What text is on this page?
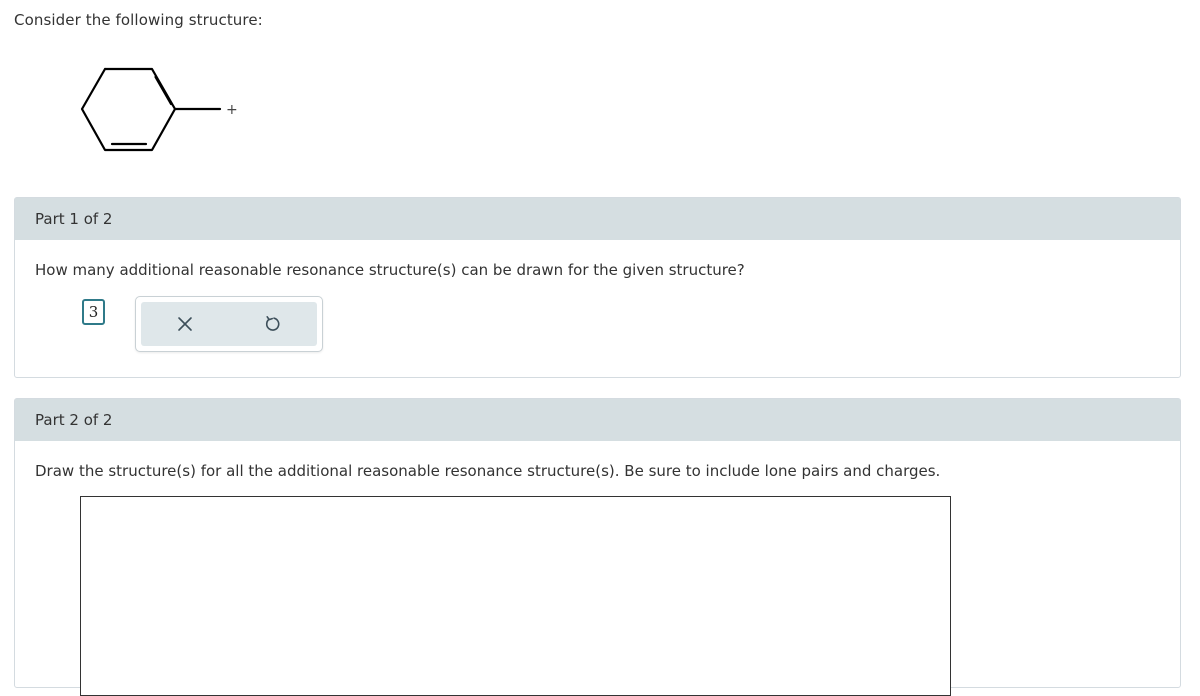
Consider the following structure:
+
Part 1 of 2
How many additional reasonable resonance structure(s) can be drawn for the given structure?
3
Part 2 of 2
Draw the structure(s) for all the additional reasonable resonance structure(s). Be sure to include lone pairs and charges.
